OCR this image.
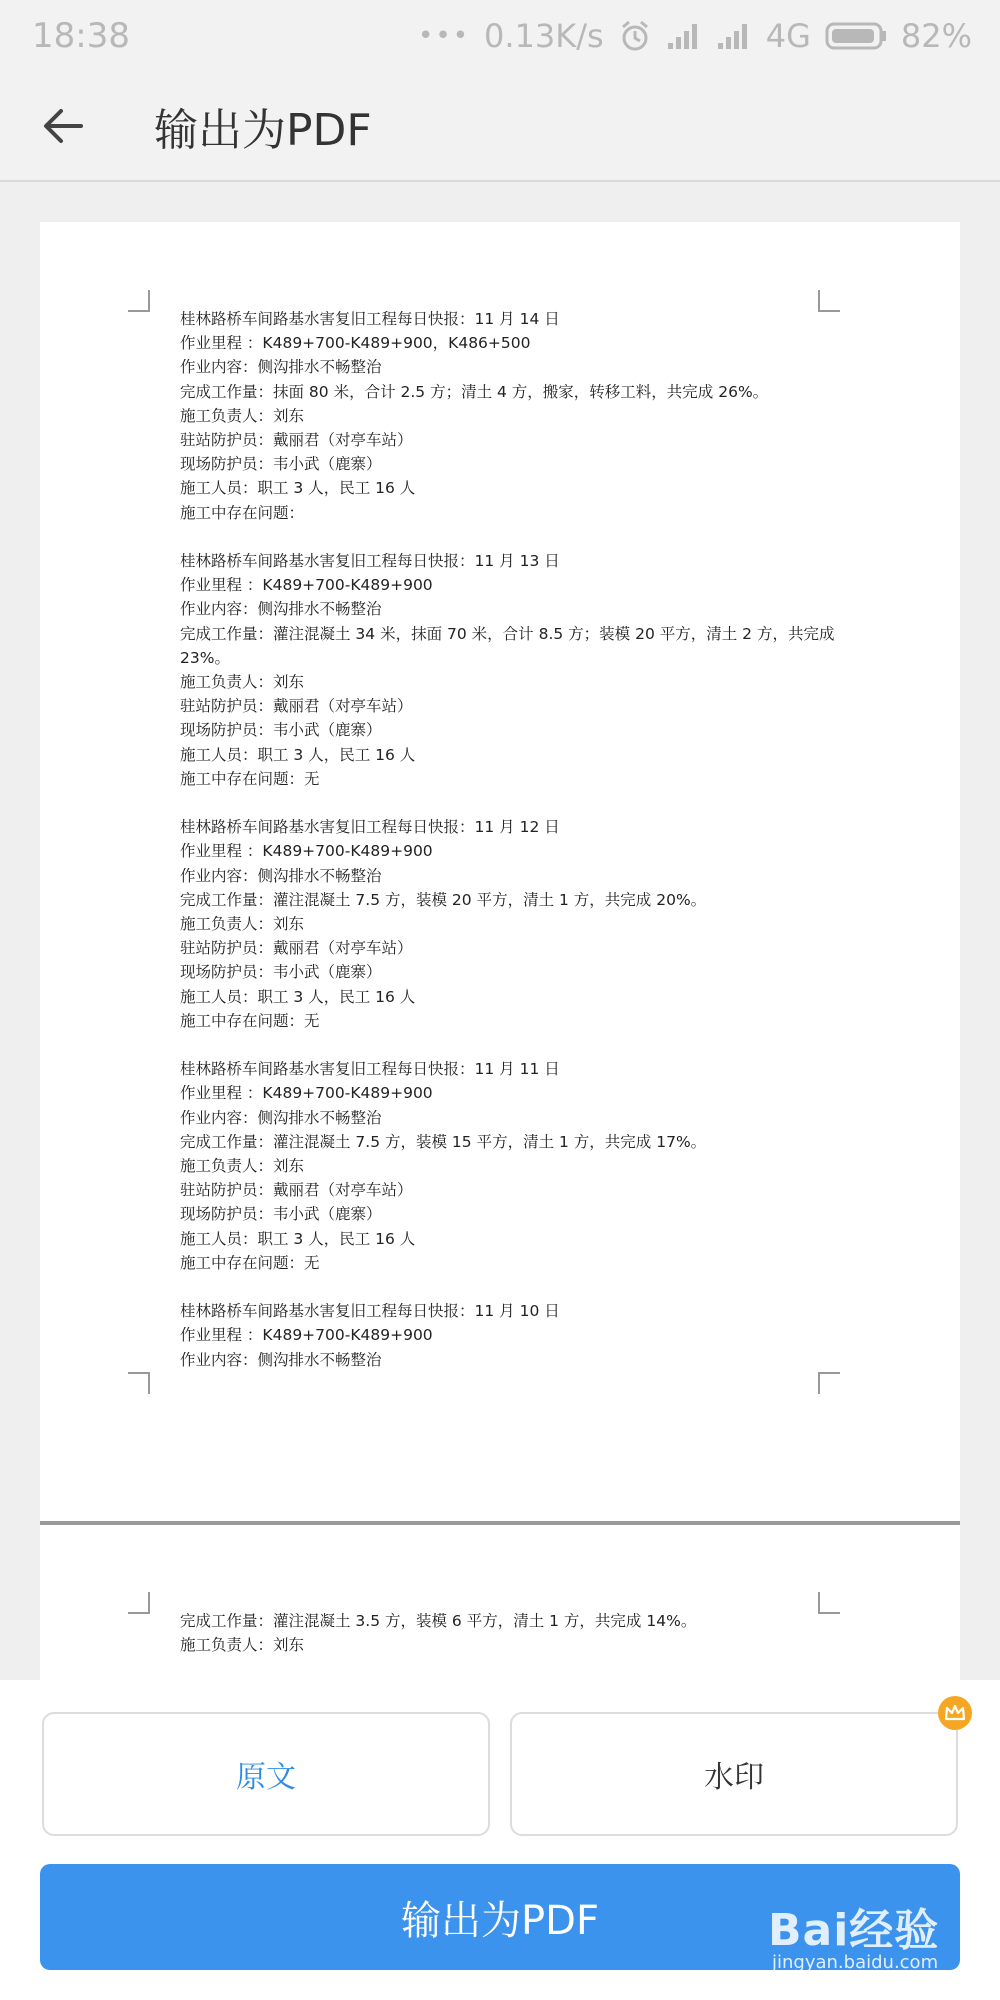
18:38	••• 0.13K/s	4G	82%
输出为PDF
桂林路桥车间路基水害复旧工程每日快报：11 月 14 日
作业里程 ：K489+700-K489+900，K486+500
作业内容：侧沟排水不畅整治
完成工作量：抹面 80 米，合计 2.5 方；清土 4 方，搬家，转移工料，共完成 26%。
施工负责人：刘东
驻站防护员：戴丽君（对亭车站）
现场防护员：韦小武（鹿寨）
施工人员：职工 3 人，民工 16 人
施工中存在问题：
桂林路桥车间路基水害复旧工程每日快报：11 月 13 日
作业里程 ：K489+700-K489+900
作业内容：侧沟排水不畅整治
完成工作量：灌注混凝土 34 米，抹面 70 米，合计 8.5 方；装模 20 平方，清土 2 方，共完成
23%。
施工负责人：刘东
驻站防护员：戴丽君（对亭车站）
现场防护员：韦小武（鹿寨）
施工人员：职工 3 人，民工 16 人
施工中存在问题：无
桂林路桥车间路基水害复旧工程每日快报：11 月 12 日
作业里程 ：K489+700-K489+900
作业内容：侧沟排水不畅整治
完成工作量：灌注混凝土 7.5 方，装模 20 平方，清土 1 方，共完成 20%。
施工负责人：刘东
驻站防护员：戴丽君（对亭车站）
现场防护员：韦小武（鹿寨）
施工人员：职工 3 人，民工 16 人
施工中存在问题：无
桂林路桥车间路基水害复旧工程每日快报：11 月 11 日
作业里程 ：K489+700-K489+900
作业内容：侧沟排水不畅整治
完成工作量：灌注混凝土 7.5 方，装模 15 平方，清土 1 方，共完成 17%。
施工负责人：刘东
驻站防护员：戴丽君（对亭车站）
现场防护员：韦小武（鹿寨）
施工人员：职工 3 人，民工 16 人
施工中存在问题：无
桂林路桥车间路基水害复旧工程每日快报：11 月 10 日
作业里程 ：K489+700-K489+900
作业内容：侧沟排水不畅整治
完成工作量：灌注混凝土 3.5 方，装模 6 平方，清土 1 方，共完成 14%。
施工负责人：刘东
原文	水印
输出为PDF	Bai经验
jingyan.baidu.com
